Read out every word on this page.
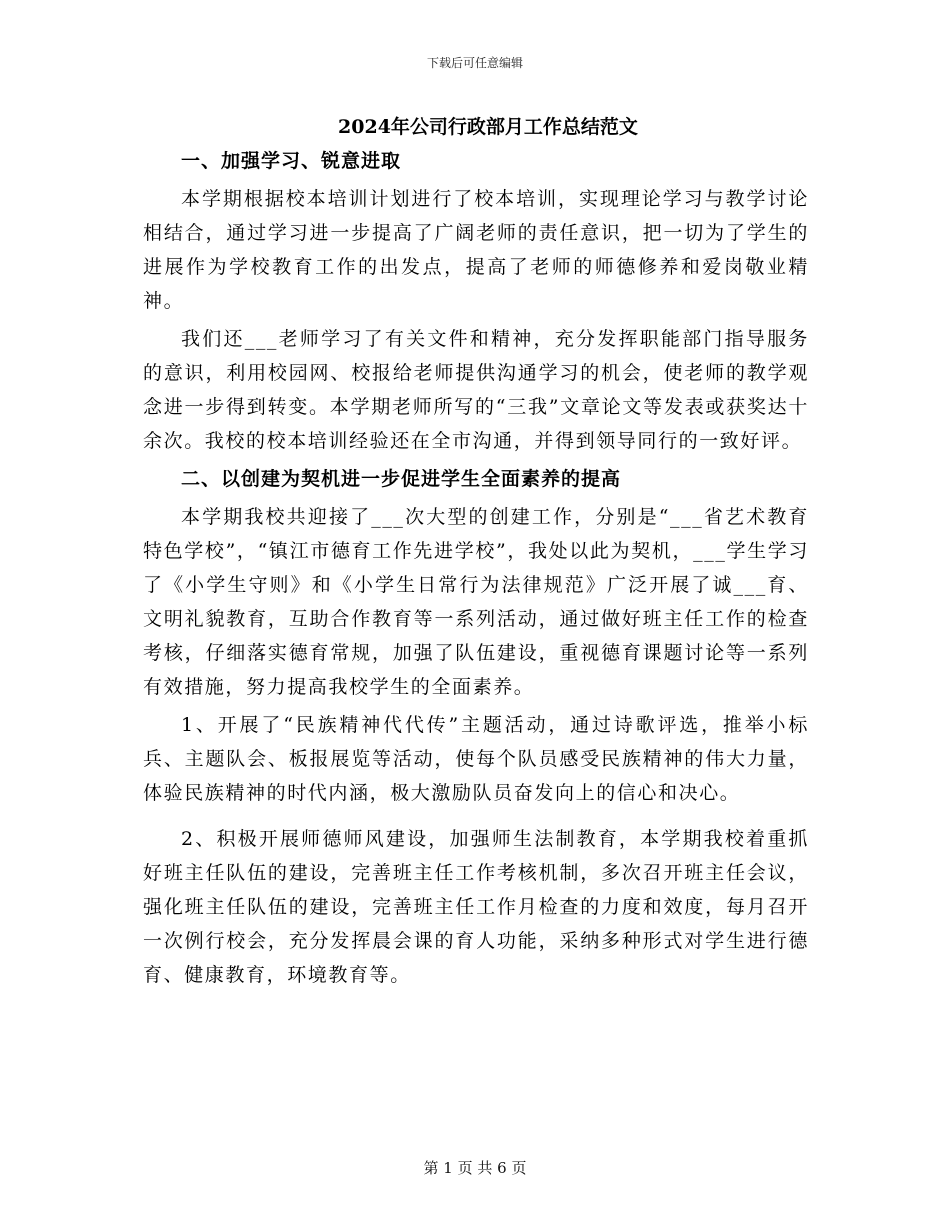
下载后可任意编辑

2024年公司行政部月工作总结范文

一、加强学习、锐意进取

本学期根据校本培训计划进行了校本培训，实现理论学习与教学讨论相结合，通过学习进一步提高了广阔老师的责任意识，把一切为了学生的进展作为学校教育工作的出发点，提高了老师的师德修养和爱岗敬业精神。

我们还___老师学习了有关文件和精神，充分发挥职能部门指导服务的意识，利用校园网、校报给老师提供沟通学习的机会，使老师的教学观念进一步得到转变。本学期老师所写的“三我”文章论文等发表或获奖达十余次。我校的校本培训经验还在全市沟通，并得到领导同行的一致好评。

二、以创建为契机进一步促进学生全面素养的提高

本学期我校共迎接了___次大型的创建工作，分别是“___省艺术教育特色学校”，“镇江市德育工作先进学校”，我处以此为契机，___学生学习了《小学生守则》和《小学生日常行为法律规范》广泛开展了诚___育、文明礼貌教育，互助合作教育等一系列活动，通过做好班主任工作的检查考核，仔细落实德育常规，加强了队伍建设，重视德育课题讨论等一系列有效措施，努力提高我校学生的全面素养。

1、开展了“民族精神代代传”主题活动，通过诗歌评选，推举小标兵、主题队会、板报展览等活动，使每个队员感受民族精神的伟大力量，体验民族精神的时代内涵，极大激励队员奋发向上的信心和决心。

2、积极开展师德师风建设，加强师生法制教育，本学期我校着重抓好班主任队伍的建设，完善班主任工作考核机制，多次召开班主任会议，强化班主任队伍的建设，完善班主任工作月检查的力度和效度，每月召开一次例行校会，充分发挥晨会课的育人功能，采纳多种形式对学生进行德育、健康教育，环境教育等。

第 1 页 共 6 页
